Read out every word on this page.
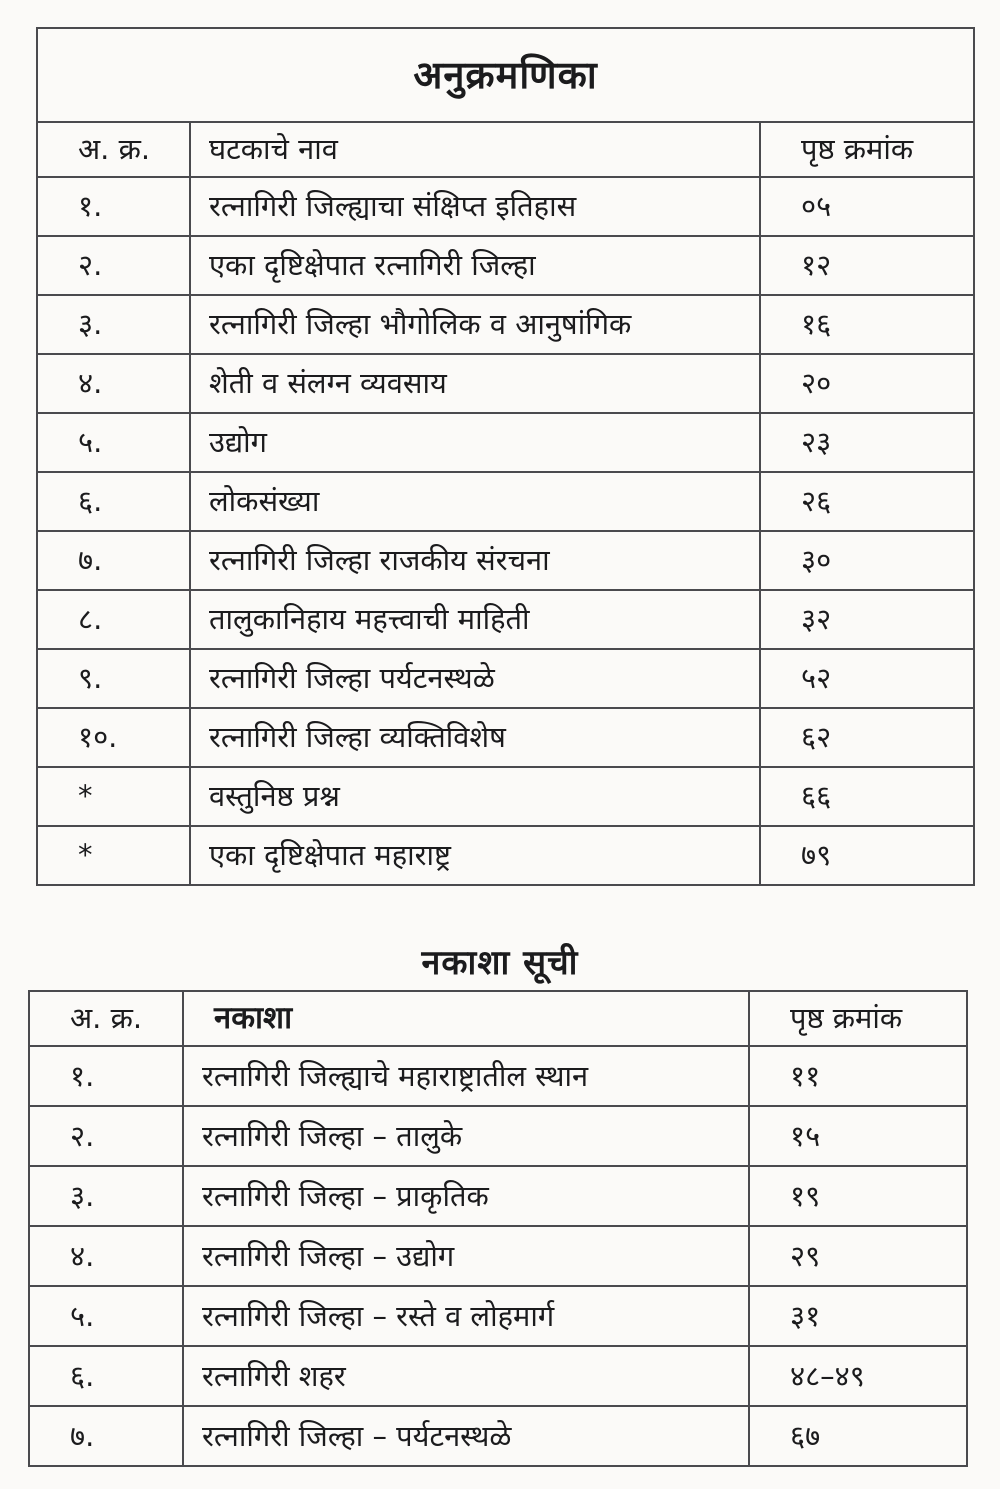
अनुक्रमणिका		
अ. क्र.	घटकाचे नाव	पृष्ठ क्रमांक
१.	रत्नागिरी जिल्ह्याचा संक्षिप्त इतिहास	०५
२.	एका दृष्टिक्षेपात रत्नागिरी जिल्हा	१२
३.	रत्नागिरी जिल्हा भौगोलिक व आनुषांगिक	१६
४.	शेती व संलग्न व्यवसाय	२०
५.	उद्योग	२३
६.	लोकसंख्या	२६
७.	रत्नागिरी जिल्हा राजकीय संरचना	३०
८.	तालुकानिहाय महत्त्वाची माहिती	३२
९.	रत्नागिरी जिल्हा पर्यटनस्थळे	५२
१०.	रत्नागिरी जिल्हा व्यक्तिविशेष	६२
*	वस्तुनिष्ठ प्रश्न	६६
*	एका दृष्टिक्षेपात महाराष्ट्र	७९
नकाशा सूची
अ. क्र.	नकाशा	पृष्ठ क्रमांक
१.	रत्नागिरी जिल्ह्याचे महाराष्ट्रातील स्थान	११
२.	रत्नागिरी जिल्हा – तालुके	१५
३.	रत्नागिरी जिल्हा – प्राकृतिक	१९
४.	रत्नागिरी जिल्हा – उद्योग	२९
५.	रत्नागिरी जिल्हा – रस्ते व लोहमार्ग	३१
६.	रत्नागिरी शहर	४८–४९
७.	रत्नागिरी जिल्हा – पर्यटनस्थळे	६७
